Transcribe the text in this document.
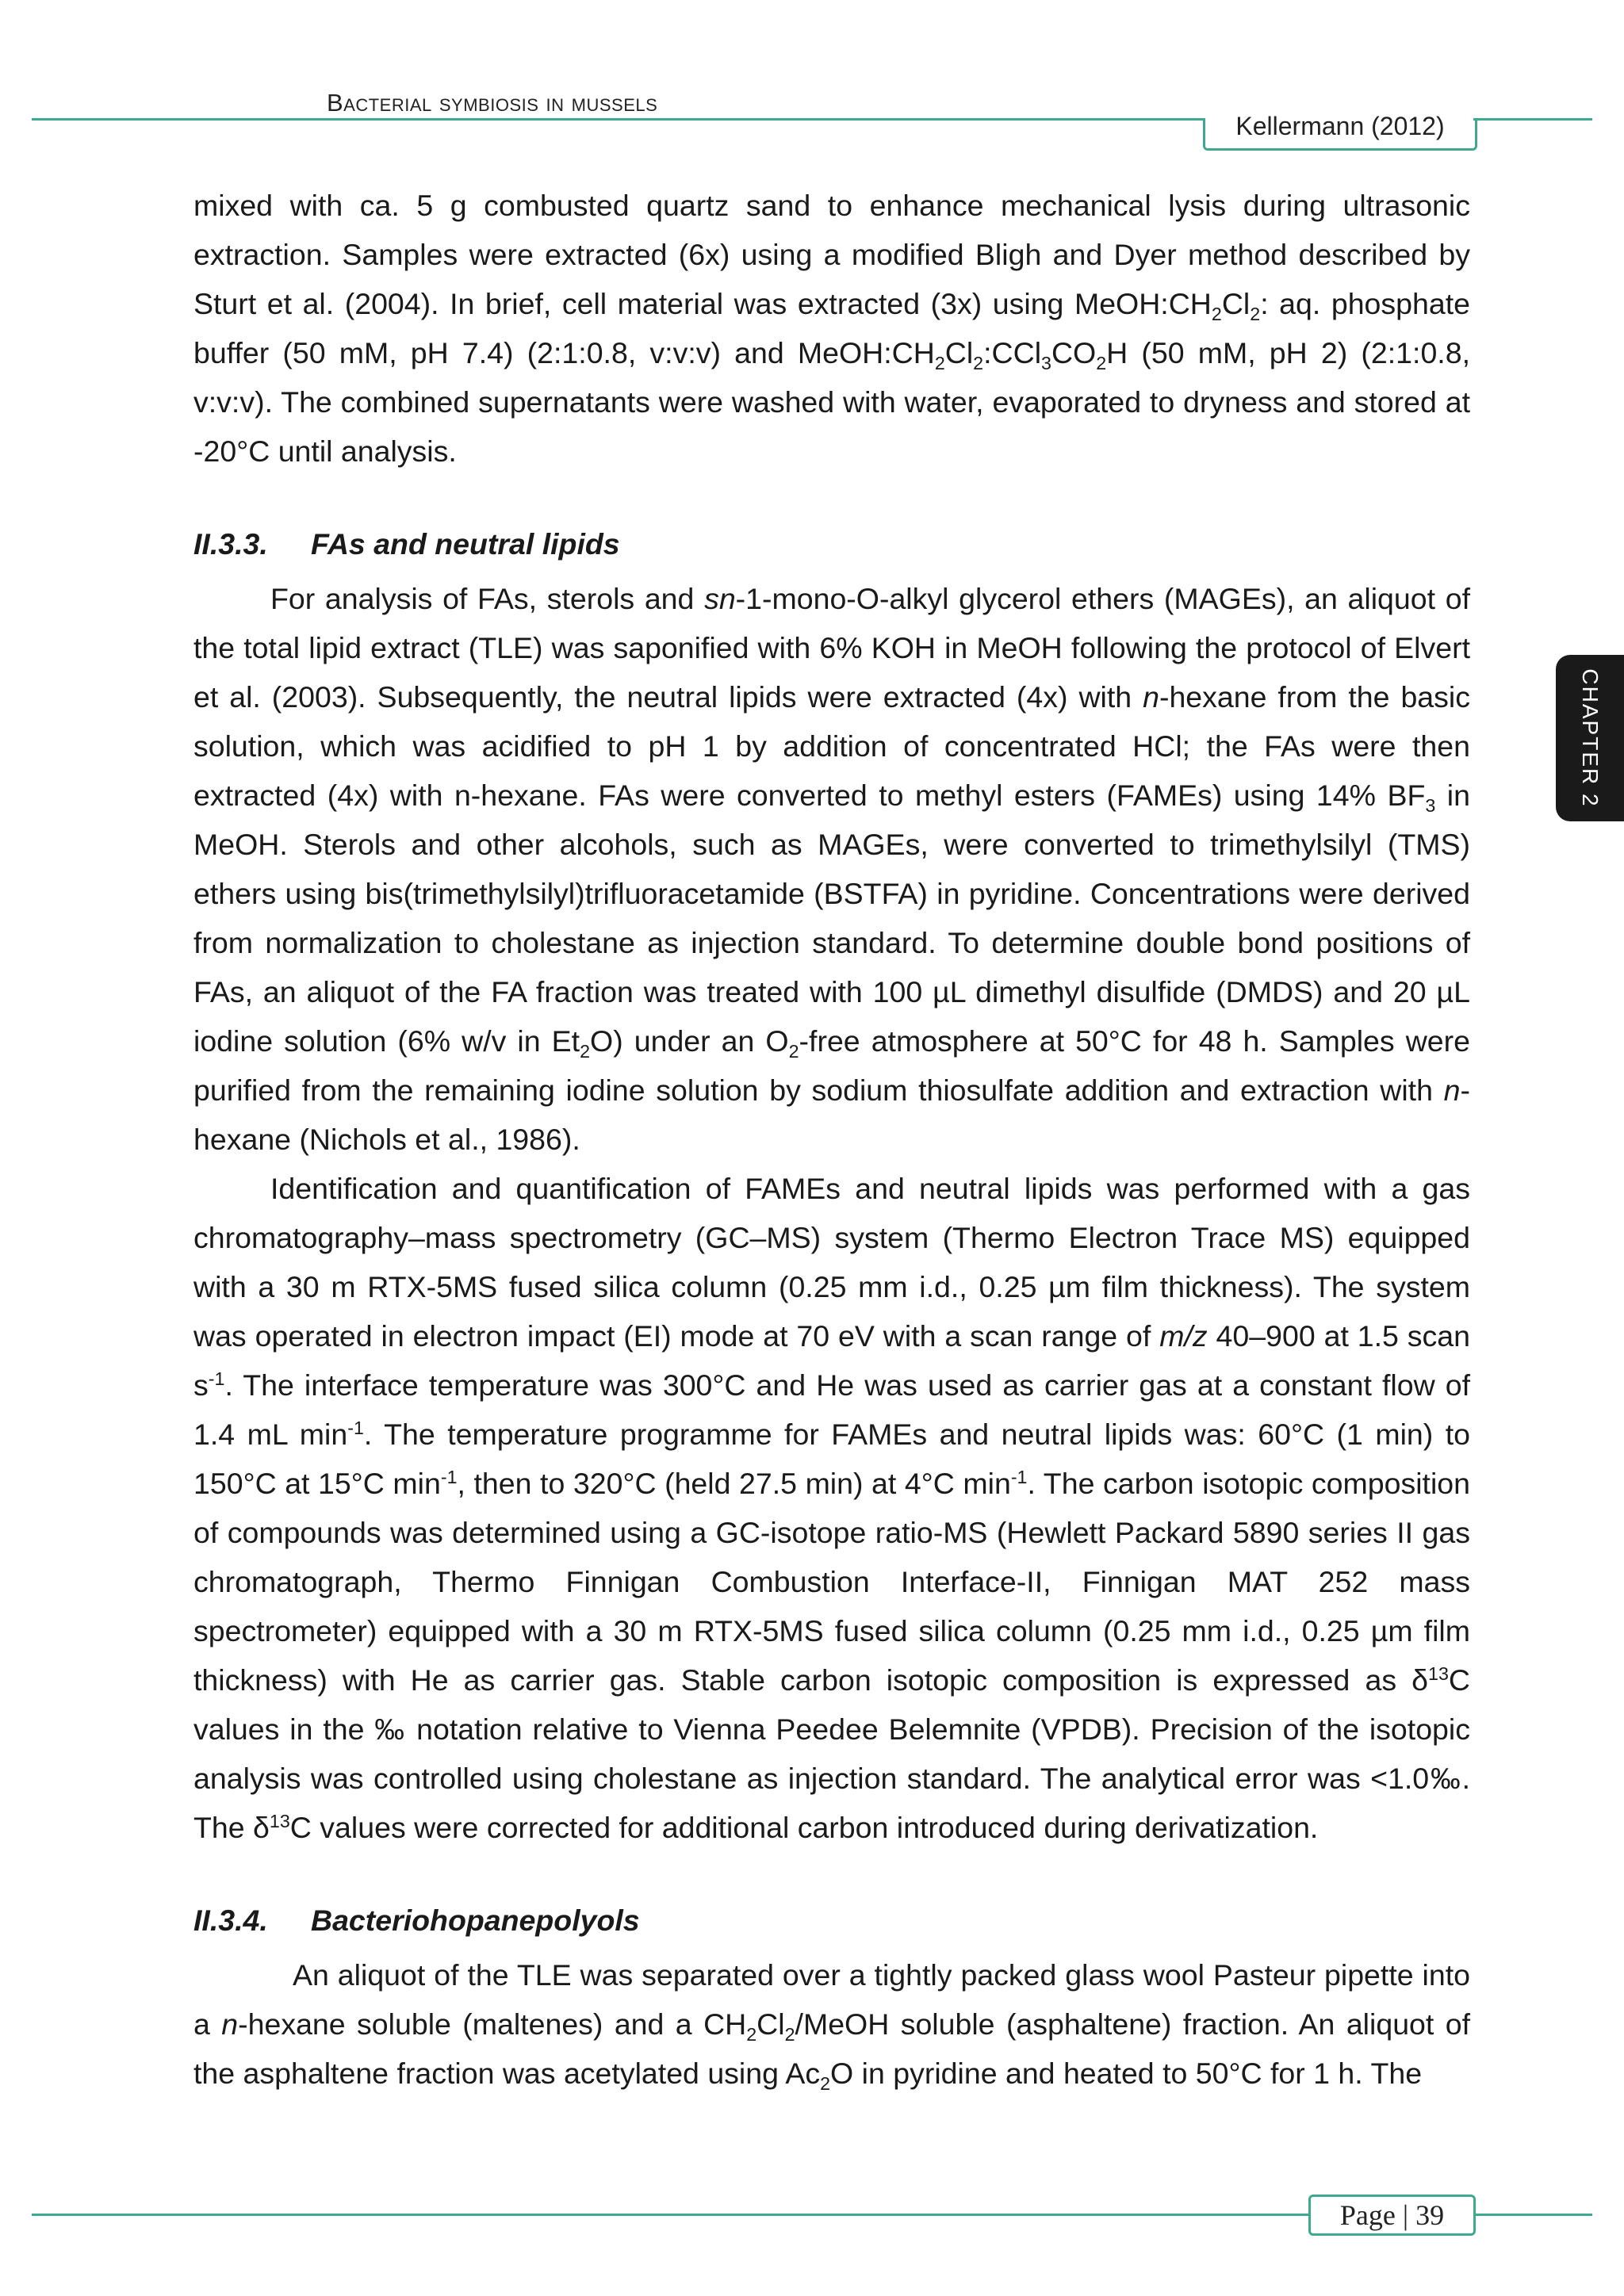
Bacterial symbiosis in mussels
Kellermann (2012)
CHAPTER 2

mixed with ca. 5 g combusted quartz sand to enhance mechanical lysis during ultrasonic extraction. Samples were extracted (6x) using a modified Bligh and Dyer method described by Sturt et al. (2004). In brief, cell material was extracted (3x) using $MeOH:CH_2Cl_2$: aq. phosphate buffer (50 mM, pH 7.4) (2:1:0.8, v:v:v) and $MeOH:CH_2Cl_2:CCl_3CO_2H$ (50 mM, pH 2) (2:1:0.8, v:v:v). The combined supernatants were washed with water, evaporated to dryness and stored at -20°C until analysis.

II.3.3. FAs and neutral lipids

For analysis of FAs, sterols and sn-1-mono-O-alkyl glycerol ethers (MAGEs), an aliquot of the total lipid extract (TLE) was saponified with 6% KOH in MeOH following the protocol of Elvert et al. (2003). Subsequently, the neutral lipids were extracted (4x) with n-hexane from the basic solution, which was acidified to pH 1 by addition of concentrated HCl; the FAs were then extracted (4x) with n-hexane. FAs were converted to methyl esters (FAMEs) using 14% $BF_3$ in MeOH. Sterols and other alcohols, such as MAGEs, were converted to trimethylsilyl (TMS) ethers using bis(trimethylsilyl)trifluoracetamide (BSTFA) in pyridine. Concentrations were derived from normalization to cholestane as injection standard. To determine double bond positions of FAs, an aliquot of the FA fraction was treated with 100 µL dimethyl disulfide (DMDS) and 20 µL iodine solution (6% w/v in $Et_2O$) under an $O_2$-free atmosphere at 50°C for 48 h. Samples were purified from the remaining iodine solution by sodium thiosulfate addition and extraction with n-hexane (Nichols et al., 1986).

Identification and quantification of FAMEs and neutral lipids was performed with a gas chromatography–mass spectrometry (GC–MS) system (Thermo Electron Trace MS) equipped with a 30 m RTX-5MS fused silica column (0.25 mm i.d., 0.25 µm film thickness). The system was operated in electron impact (EI) mode at 70 eV with a scan range of m/z 40–900 at 1.5 scan $s^{-1}$. The interface temperature was 300°C and He was used as carrier gas at a constant flow of 1.4 mL $\min^{-1}$. The temperature programme for FAMEs and neutral lipids was: 60°C (1 min) to 150°C at 15°C $\min^{-1}$, then to 320°C (held 27.5 min) at 4°C $\min^{-1}$. The carbon isotopic composition of compounds was determined using a GC-isotope ratio-MS (Hewlett Packard 5890 series II gas chromatograph, Thermo Finnigan Combustion Interface-II, Finnigan MAT 252 mass spectrometer) equipped with a 30 m RTX-5MS fused silica column (0.25 mm i.d., 0.25 µm film thickness) with He as carrier gas. Stable carbon isotopic composition is expressed as $\delta^{13}C$ values in the ‰ notation relative to Vienna Peedee Belemnite (VPDB). Precision of the isotopic analysis was controlled using cholestane as injection standard. The analytical error was <1.0‰. The $\delta^{13}C$ values were corrected for additional carbon introduced during derivatization.

II.3.4. Bacteriohopanepolyols

An aliquot of the TLE was separated over a tightly packed glass wool Pasteur pipette into a n-hexane soluble (maltenes) and a $CH_2Cl_2$/MeOH soluble (asphaltene) fraction. An aliquot of the asphaltene fraction was acetylated using $Ac_2O$ in pyridine and heated to 50°C for 1 h. The

Page | 39
